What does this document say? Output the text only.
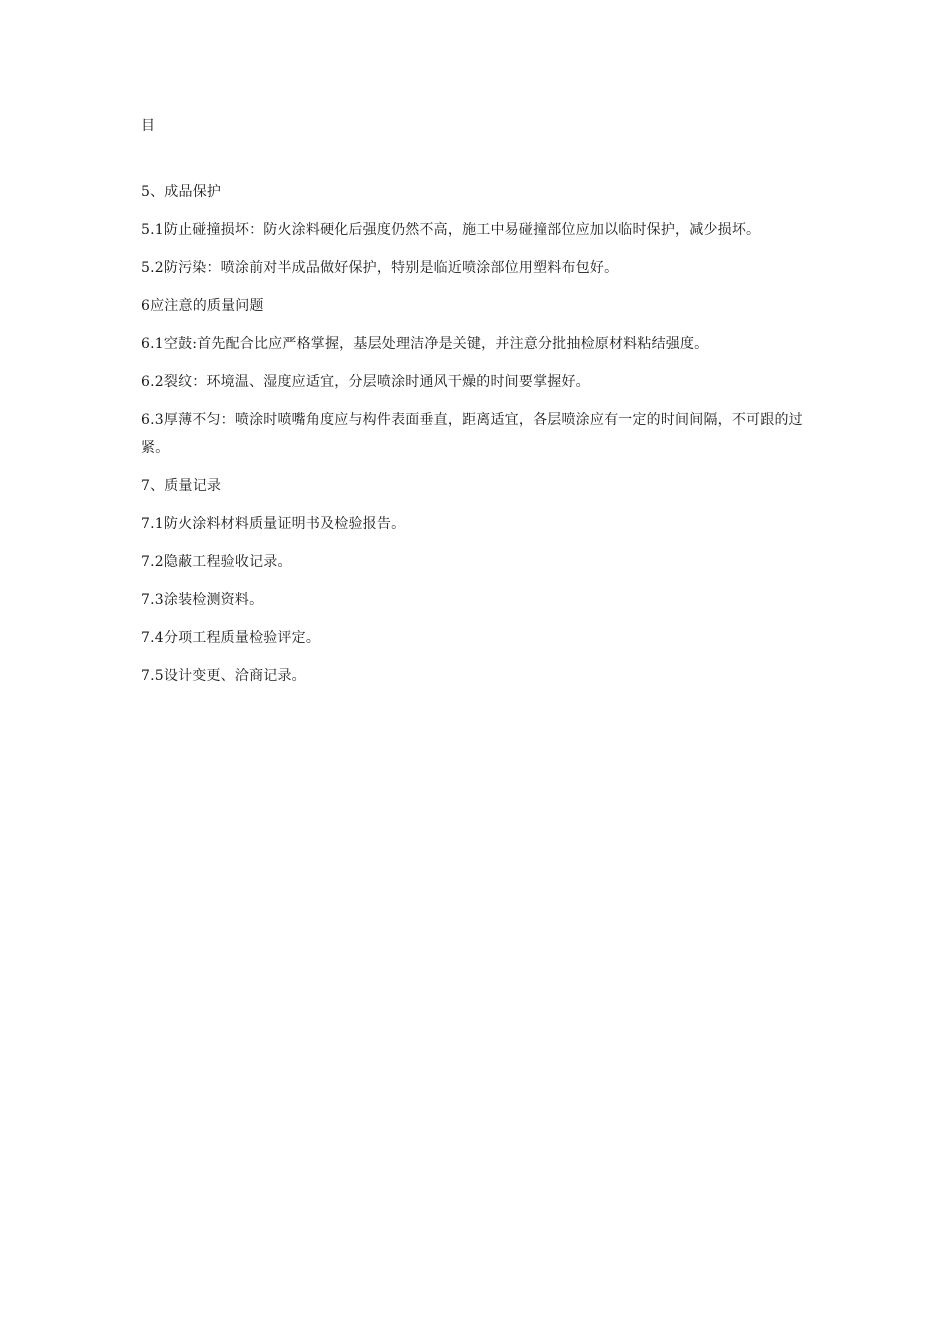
目

5、成品保护

5.1防止碰撞损坏：防火涂料硬化后强度仍然不高，施工中易碰撞部位应加以临时保护，减少损坏。

5.2防污染：喷涂前对半成品做好保护，特别是临近喷涂部位用塑料布包好。

6应注意的质量问题

6.1空鼓:首先配合比应严格掌握，基层处理洁净是关键，并注意分批抽检原材料粘结强度。

6.2裂纹：环境温、湿度应适宜，分层喷涂时通风干燥的时间要掌握好。

6.3厚薄不匀：喷涂时喷嘴角度应与构件表面垂直，距离适宜，各层喷涂应有一定的时间间隔，不可跟的过紧。

7、质量记录

7.1防火涂料材料质量证明书及检验报告。

7.2隐蔽工程验收记录。

7.3涂装检测资料。

7.4分项工程质量检验评定。

7.5设计变更、洽商记录。
